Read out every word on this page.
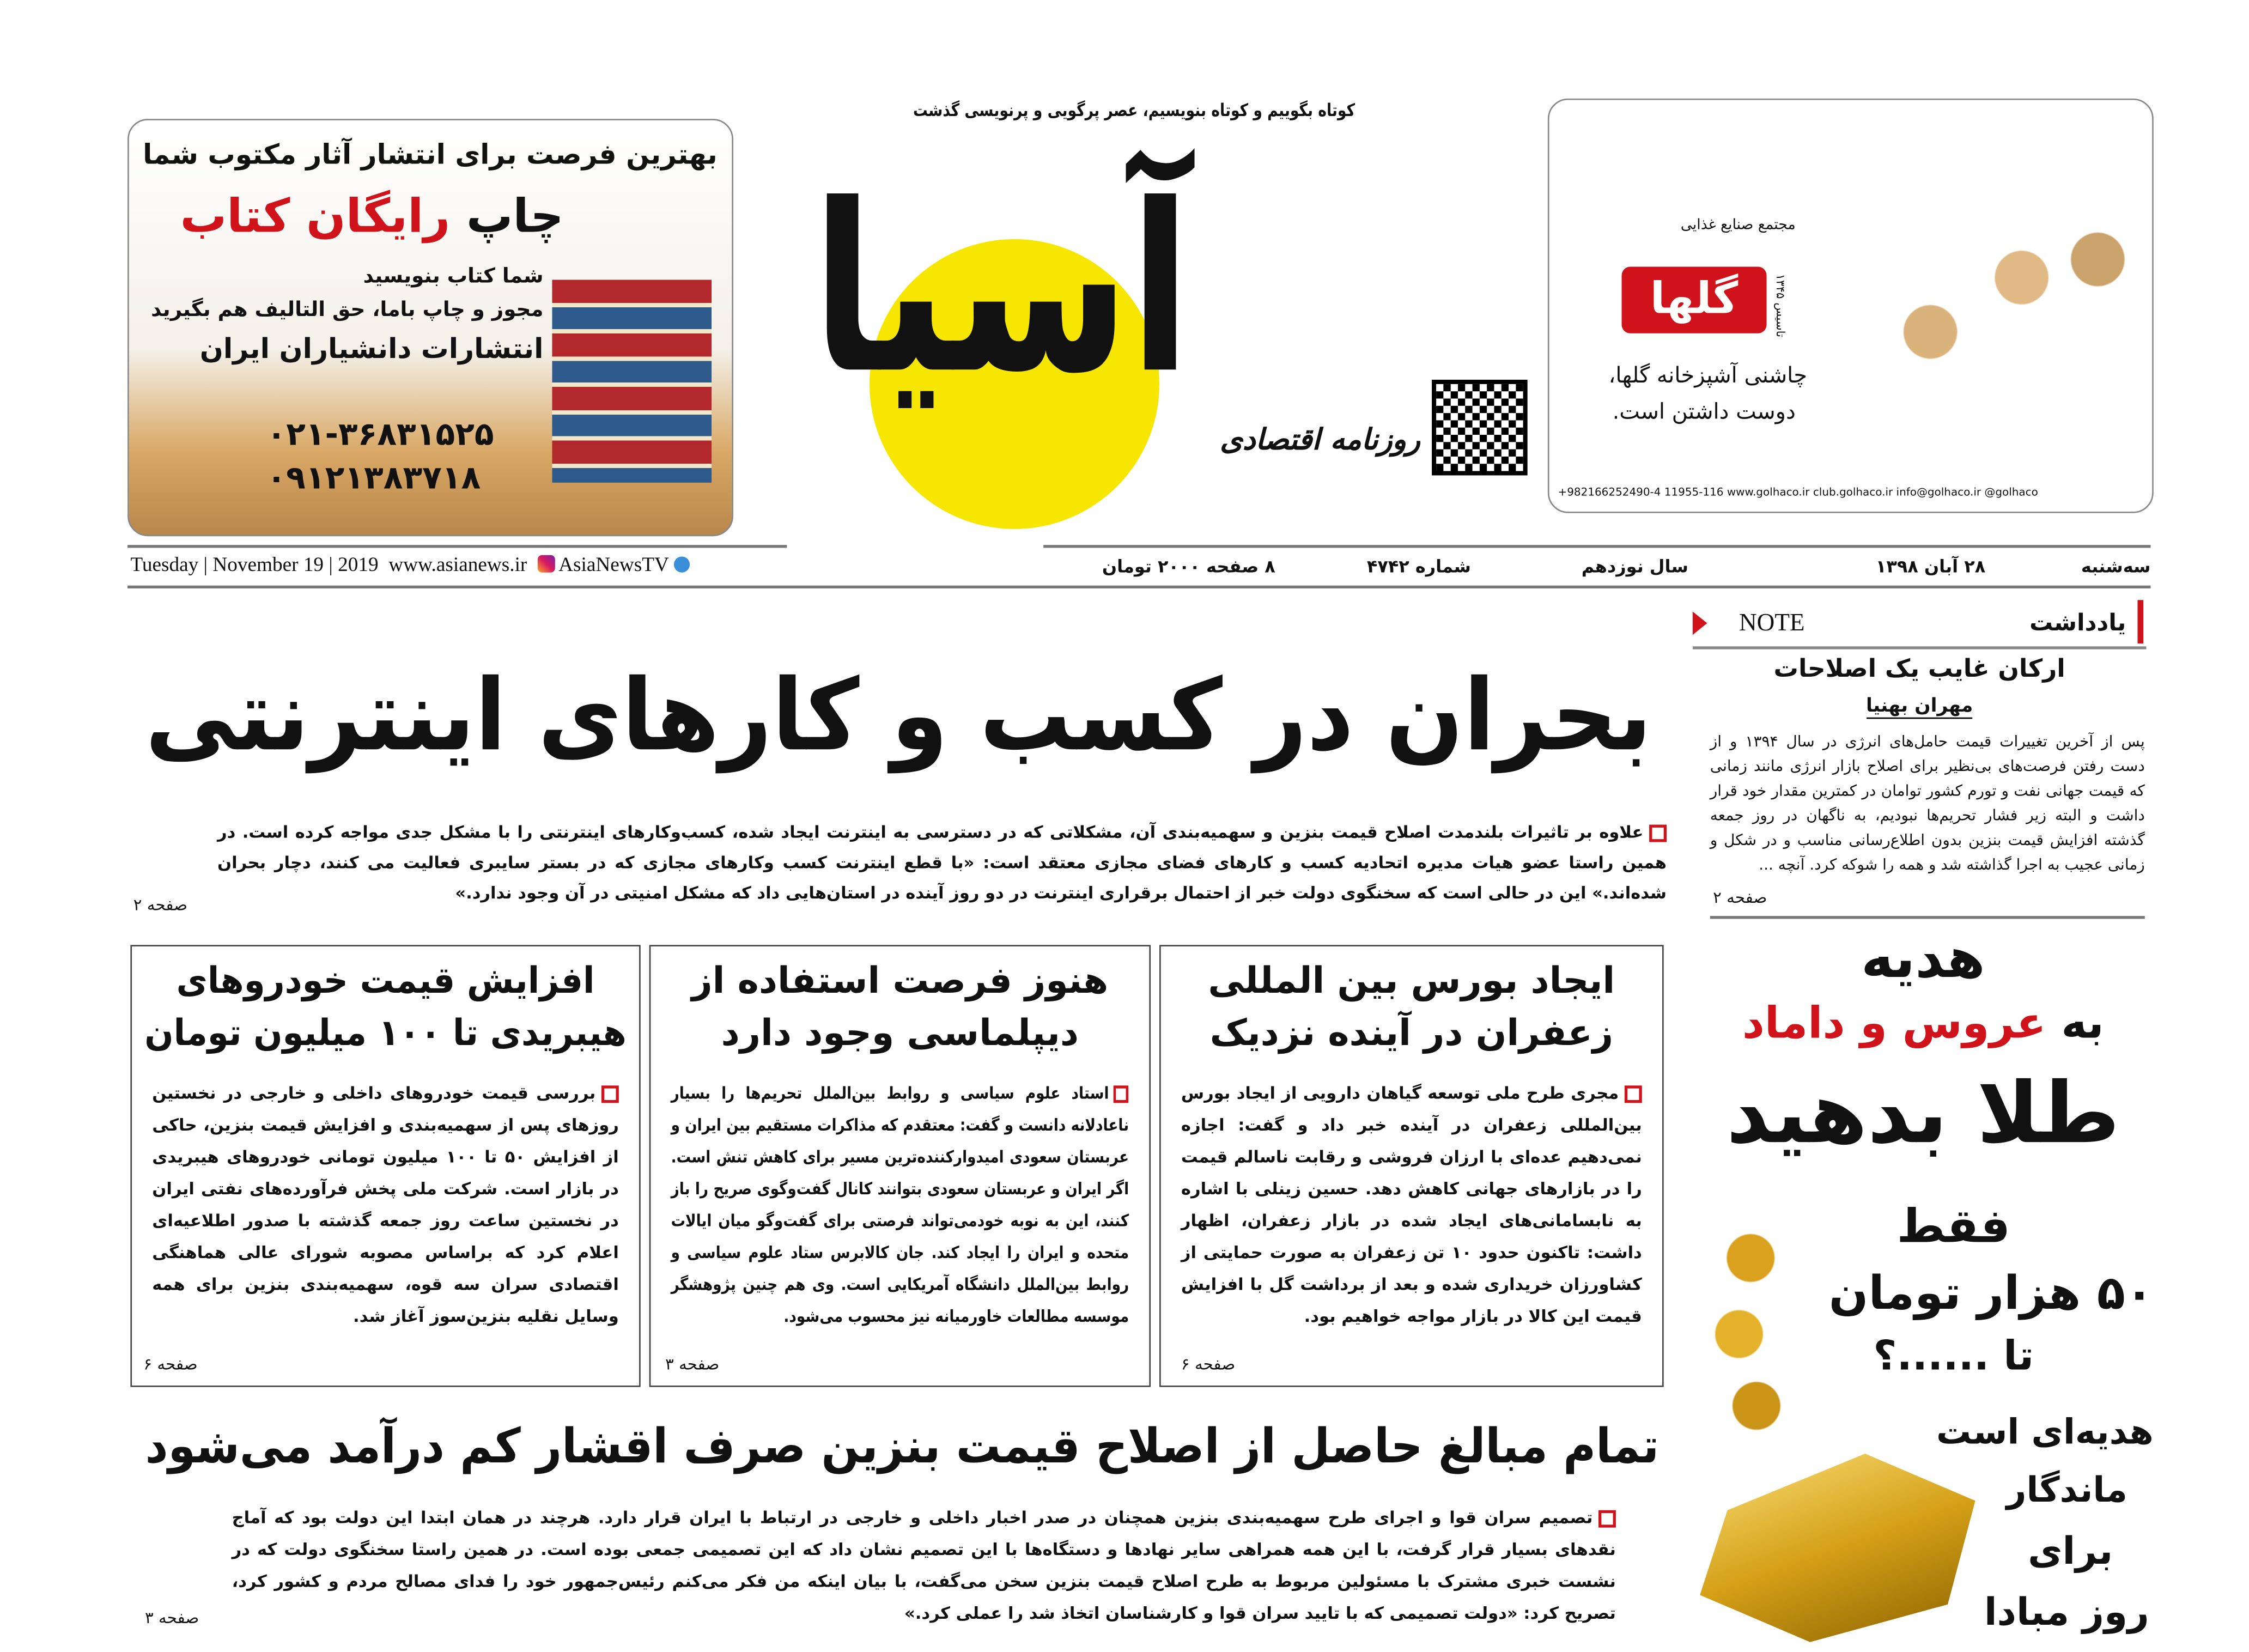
بهترین فرصت برای انتشار آثار مکتوب شما
چاپ رایگان کتاب
شما کتاب بنویسید
مجوز و چاپ باما، حق التالیف هم بگیرید
انتشارات دانشیاران ایران
۰۲۱-۳۶۸۳۱۵۲۵
۰۹۱۲۱۳۸۳۷۱۸
کوتاه بگوییم و کوتاه بنویسیم، عصر پرگویی و پرنویسی گذشت
آسیا
روزنامه اقتصادی
مجتمع صنایع غذایی
گلها	تاسیس ۱۳۴۵
چاشنی آشپزخانه گلها،
دوست داشتن است.
+982166252490-4 11955-116 www.golhaco.ir club.golhaco.ir info@golhaco.ir @golhaco
Tuesday | November 19 | 2019 www.asianews.ir	AsiaNewsTV	۸ صفحه ۲۰۰۰ تومان	شماره ۴۷۴۲	سال نوزدهم	۲۸ آبان ۱۳۹۸	سه‌شنبه
بحران در کسب‌ و کارهای اینترنتی
علاوه بر تاثیرات بلندمدت اصلاح قیمت بنزین و سهمیه‌بندی آن، مشکلاتی که در دسترسی به اینترنت ایجاد شده، کسب‌وکارهای اینترنتی را با مشکل جدی مواجه کرده است. در همین راستا عضو هیات مدیره اتحادیه کسب و کارهای فضای مجازی معتقد است: «با قطع اینترنت کسب وکارهای مجازی که در بستر سایبری فعالیت می کنند، دچار بحران شده‌اند.» این در حالی است که سخنگوی دولت خبر از احتمال برقراری اینترنت در دو روز آینده در استان‌هایی داد که مشکل امنیتی در آن وجود ندارد.»
صفحه ۲
ایجاد بورس بین المللی زعفران در آینده نزدیک
مجری طرح ملی توسعه گیاهان دارویی از ایجاد بورس بین‌المللی زعفران در آینده خبر داد و گفت: اجازه نمی‌دهیم عده‌ای با ارزان فروشی و رقابت ناسالم قیمت را در بازارهای جهانی کاهش دهد. حسین زینلی با اشاره به نابسامانی‌های ایجاد شده در بازار زعفران، اظهار داشت: تاکنون حدود ۱۰ تن زعفران به صورت حمایتی از کشاورزان خریداری شده و بعد از برداشت گل با افزایش قیمت این کالا در بازار مواجه خواهیم بود.
صفحه ۶
هنوز فرصت استفاده از دیپلماسی وجود دارد
استاد علوم سیاسی و روابط بین‌الملل تحریم‌ها را بسیار ناعادلانه دانست و گفت: معتقدم که مذاکرات مستقیم بین ایران و عربستان سعودی امیدوارکننده‌ترین مسیر برای کاهش تنش است. اگر ایران و عربستان سعودی بتوانند کانال گفت‌وگوی صریح را باز کنند، این به نوبه خودمی‌تواند فرصتی برای گفت‌وگو میان ایالات متحده و ایران را ایجاد کند. جان کالابرس ستاد علوم سیاسی و روابط بین‌الملل دانشگاه آمریکایی است. وی هم چنین پژوهشگر موسسه مطالعات خاورمیانه نیز محسوب می‌شود.
صفحه ۳
افزایش قیمت خودروهای هیبریدی تا ۱۰۰ میلیون تومان
بررسی قیمت خودروهای داخلی و خارجی در نخستین روزهای پس از سهمیه‌بندی و افزایش قیمت بنزین، حاکی از افزایش ۵۰ تا ۱۰۰ میلیون تومانی خودروهای هیبریدی در بازار است. شرکت ملی پخش فرآورده‌های نفتی ایران در نخستین ساعت روز جمعه گذشته با صدور اطلاعیه‌ای اعلام کرد که براساس مصوبه شورای عالی هماهنگی اقتصادی سران سه قوه، سهمیه‌بندی بنزین برای همه وسایل نقلیه بنزین‌سوز آغاز شد.
صفحه ۶
تمام مبالغ حاصل از اصلاح قیمت بنزین صرف اقشار کم درآمد می‌شود
تصمیم سران قوا و اجرای طرح سهمیه‌بندی بنزین همچنان در صدر اخبار داخلی و خارجی در ارتباط با ایران قرار دارد. هرچند در همان ابتدا این دولت بود که آماج نقدهای بسیار قرار گرفت، با این همه همراهی سایر نهادها و دستگاه‌ها با این تصمیم نشان داد که این تصمیمی جمعی بوده است. در همین راستا سخنگوی دولت که در نشست خبری مشترک با مسئولین مربوط به طرح اصلاح قیمت بنزین سخن می‌گفت، با بیان اینکه من فکر می‌کنم رئیس‌جمهور خود را فدای مصالح مردم و کشور کرد، تصریح کرد: «دولت تصمیمی که با تایید سران قوا و کارشناسان اتخاذ شد را عملی کرد.»
صفحه ۳
NOTE	یادداشت
ارکان غایب یک اصلاحات
مهران بهنیا
پس از آخرین تغییرات قیمت حامل‌های انرژی در سال ۱۳۹۴ و از دست رفتن فرصت‌های بی‌نظیر برای اصلاح بازار انرژی مانند زمانی که قیمت جهانی نفت و تورم کشور توامان در کمترین مقدار خود قرار داشت و البته زیر فشار تحریم‌ها نبودیم، به ناگهان در روز جمعه گذشته افزایش قیمت بنزین بدون اطلاع‌رسانی مناسب و در شکل و زمانی عجیب به اجرا گذاشته شد و همه را شوکه کرد. آنچه ...
صفحه ۲
هدیه
به عروس و داماد
طلا بدهید
فقط
۵۰ هزار تومان
تا ......؟
هدیه‌ای است
ماندگار
برای
روز مبادا
